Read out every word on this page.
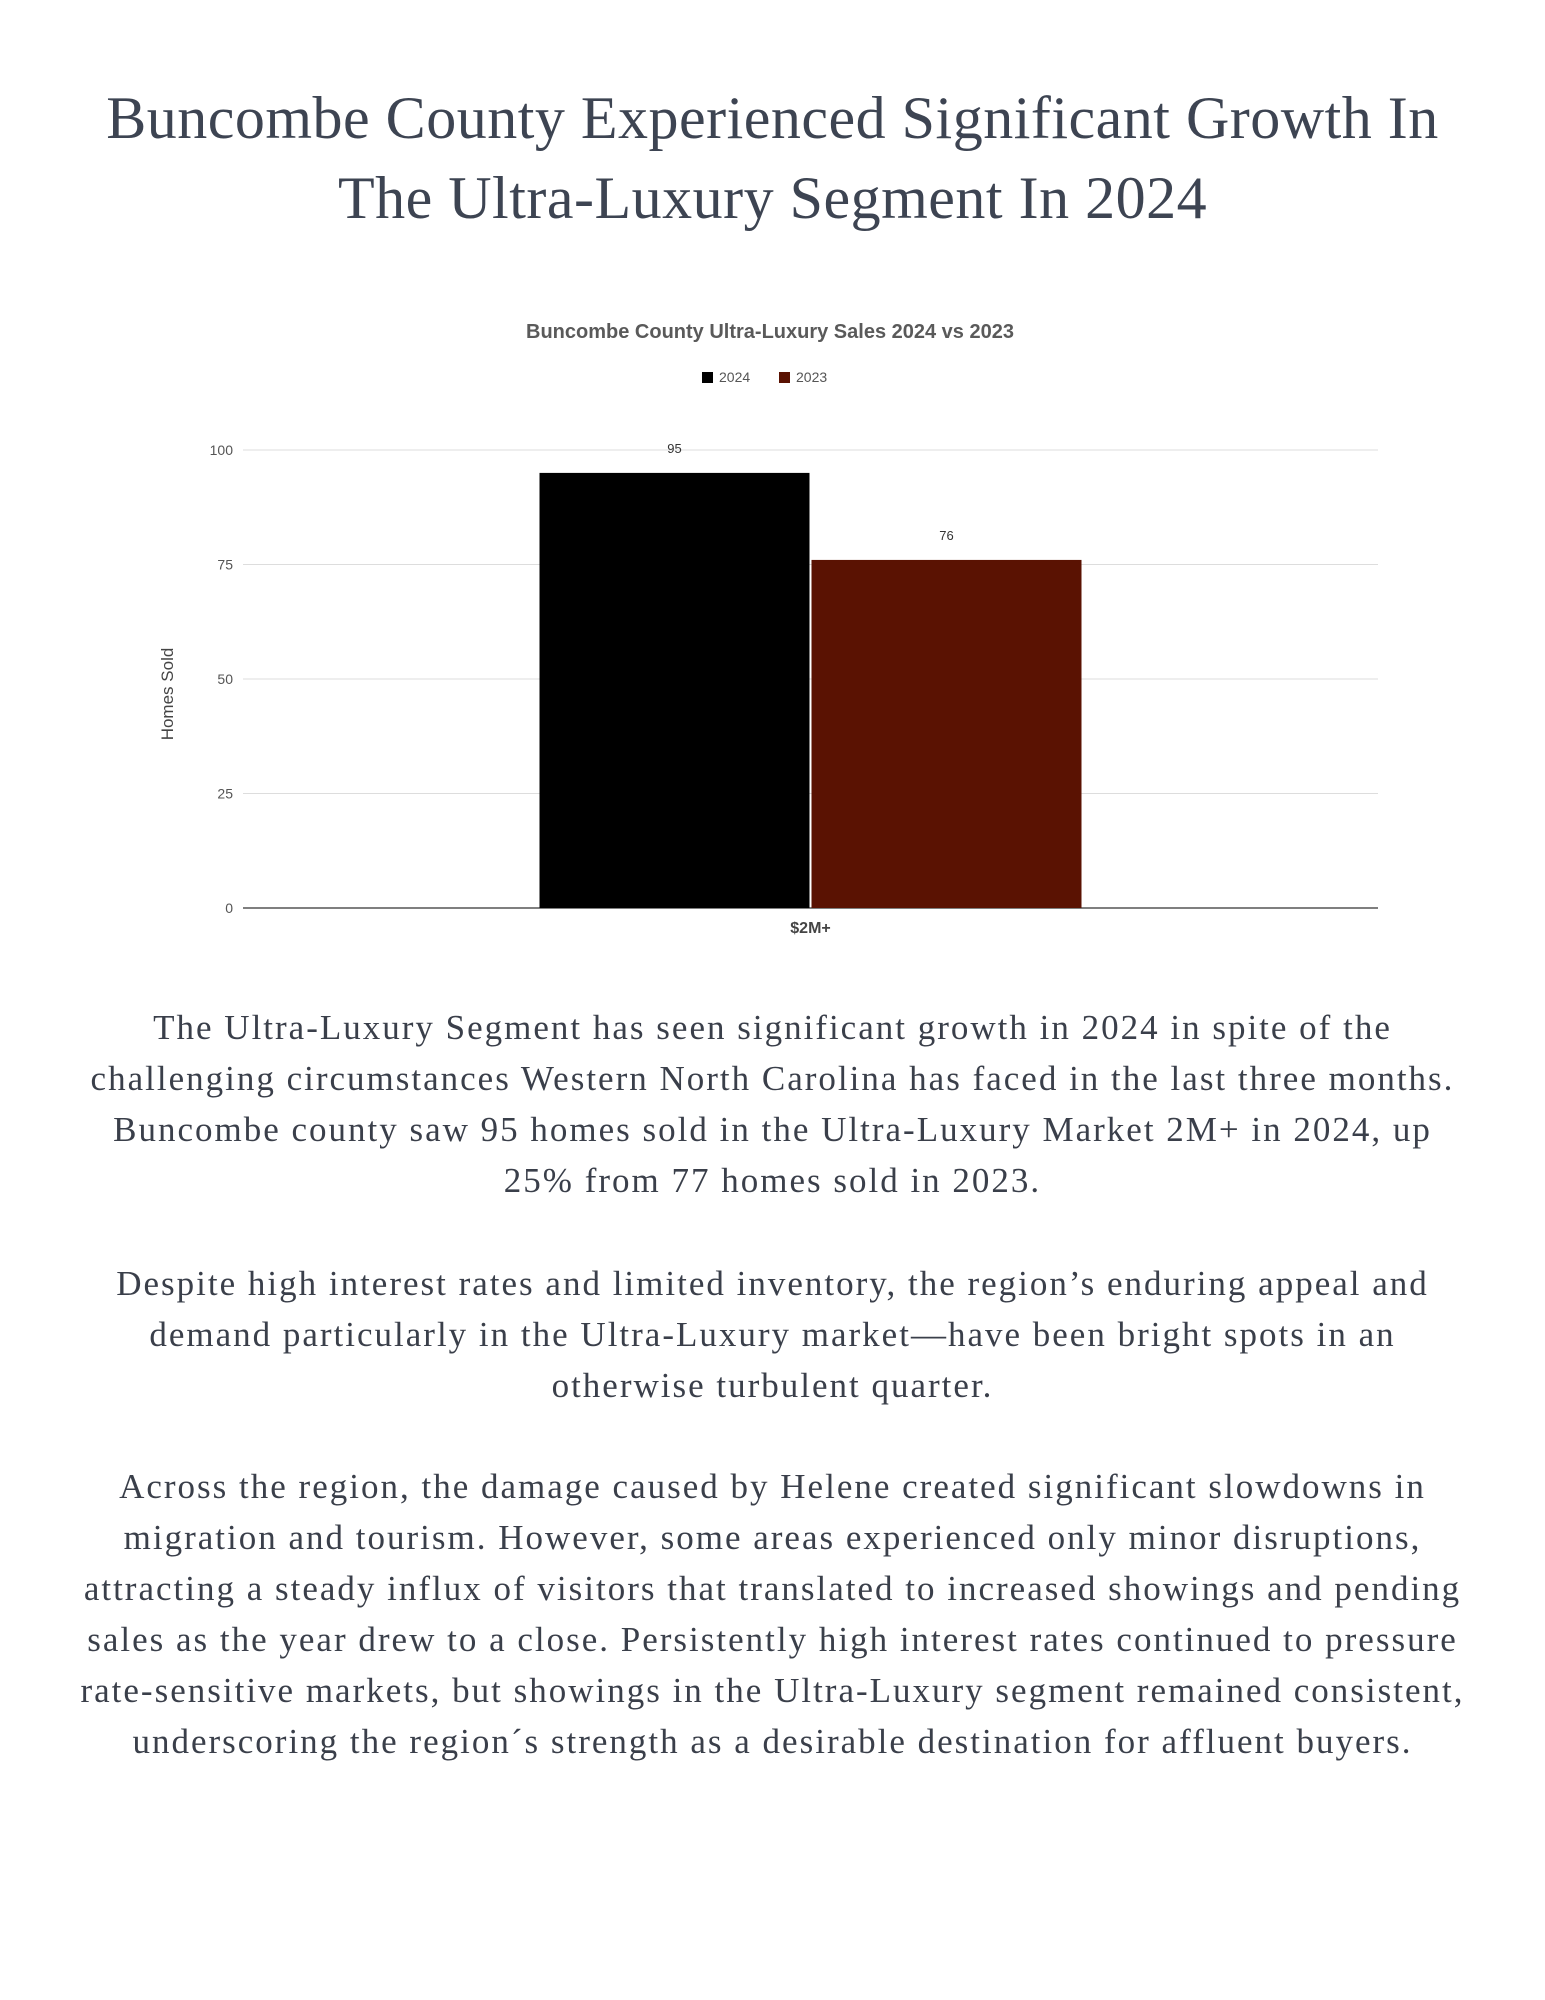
Buncombe County Experienced Significant Growth In The Ultra-Luxury Segment In 2024
Buncombe County Ultra-Luxury Sales 2024 vs 2023
2024	2023
0
25
50
75
100	95
76
$2M+
Homes Sold

The Ultra-Luxury Segment has seen significant growth in 2024 in spite of the challenging circumstances Western North Carolina has faced in the last three months. Buncombe county saw 95 homes sold in the Ultra-Luxury Market 2M+ in 2024, up 25% from 77 homes sold in 2023.

Despite high interest rates and limited inventory, the region’s enduring appeal and demand particularly in the Ultra-Luxury market—have been bright spots in an otherwise turbulent quarter.

Across the region, the damage caused by Helene created significant slowdowns in migration and tourism. However, some areas experienced only minor disruptions, attracting a steady influx of visitors that translated to increased showings and pending sales as the year drew to a close. Persistently high interest rates continued to pressure rate-sensitive markets, but showings in the Ultra-Luxury segment remained consistent, underscoring the region´s strength as a desirable destination for affluent buyers.
